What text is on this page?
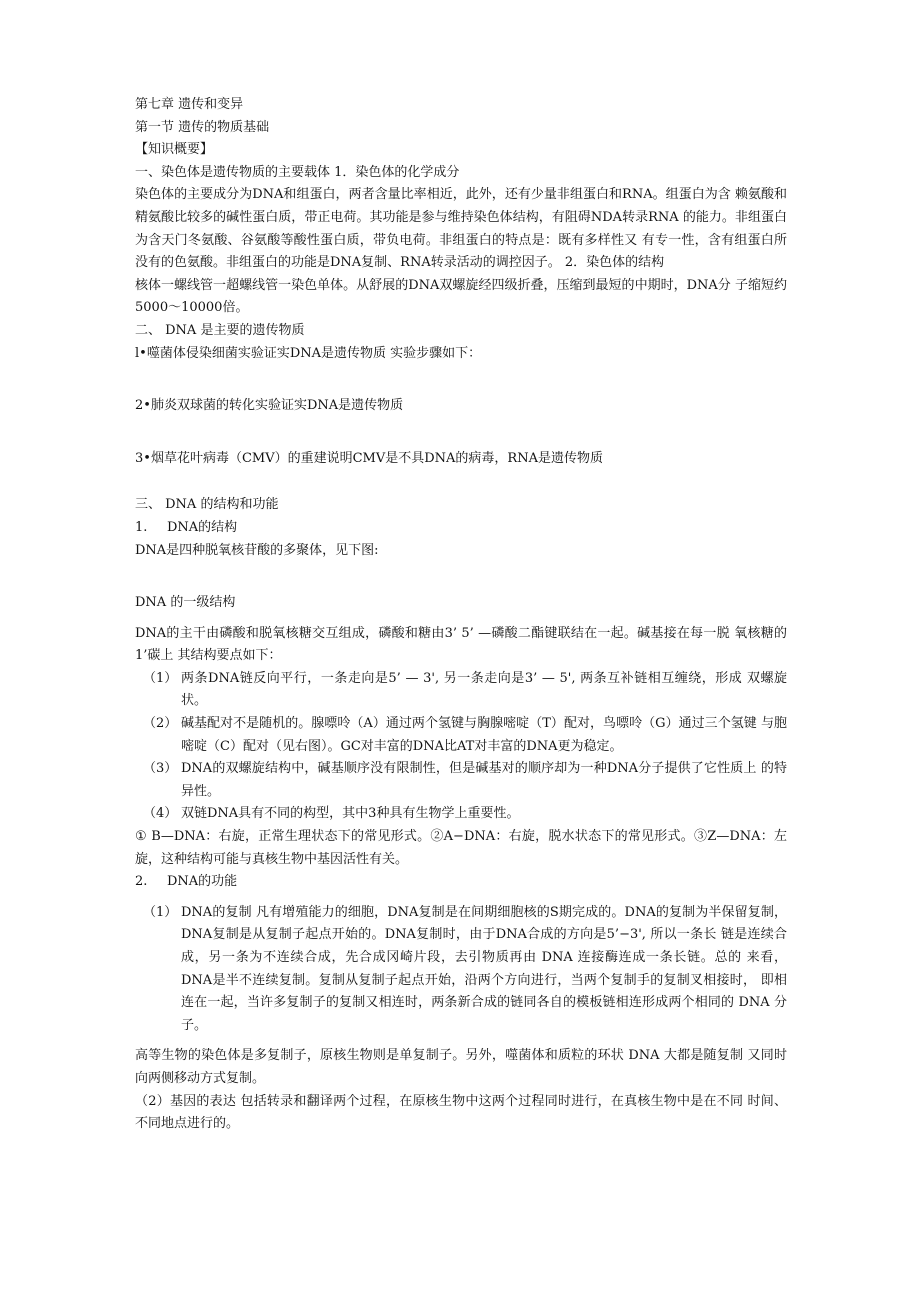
第七章 遗传和变异

第一节 遗传的物质基础

【知识概要】

一、染色体是遗传物质的主要载体 1．染色体的化学成分

染色体的主要成分为DNA和组蛋白，两者含量比率相近，此外，还有少量非组蛋白和RNA。组蛋白为含 赖氨酸和精氨酸比较多的碱性蛋白质，带正电荷。其功能是参与维持染色体结构，有阻碍NDA转录RNA 的能力。非组蛋白为含天门冬氨酸、谷氨酸等酸性蛋白质，带负电荷。非组蛋白的特点是：既有多样性又 有专一性，含有组蛋白所没有的色氨酸。非组蛋白的功能是DNA复制、RNA转录活动的调控因子。 2．染色体的结构

核体一螺线管一超螺线管一染色单体。从舒展的DNA双螺旋经四级折叠，压缩到最短的中期时，DNA分 子缩短约5000～10000倍。

二、 DNA 是主要的遗传物质

l•噬菌体侵染细菌实验证实DNA是遗传物质 实验步骤如下：

2•肺炎双球菌的转化实验证实DNA是遗传物质

3•烟草花叶病毒（CMV）的重建说明CMV是不具DNA的病毒，RNA是遗传物质

三、 DNA 的结构和功能

1.	DNA的结构

DNA是四种脱氧核苷酸的多聚体，见下图:

DNA 的一级结构

DNA的主干由磷酸和脱氧核糖交互组成，磷酸和糖由3’ 5’ —磷酸二酯键联结在一起。碱基接在每一脱 氧核糖的 1’碳上 其结构要点如下：

（1） 两条DNA链反向平行，一条走向是5’ — 3', 另一条走向是3’ — 5', 两条互补链相互缠绕，形成 双螺旋状。
（2） 碱基配对不是随机的。腺嘌呤（A）通过两个氢键与胸腺嘧啶（T）配对，鸟嘌呤（G）通过三个氢键 与胞嘧啶（C）配对（见右图）。GC对丰富的DNA比AT对丰富的DNA更为稳定。
（3） DNA的双螺旋结构中，碱基顺序没有限制性，但是碱基对的顺序却为一种DNA分子提供了它性质上 的特异性。
（4） 双链DNA具有不同的构型，其中3种具有生物学上重要性。

① B—DNA：右旋，正常生理状态下的常见形式。②A−DNA：右旋，脱水状态下的常见形式。③Z—DNA：左旋，这种结构可能与真核生物中基因活性有关。

2.	DNA的功能
（1） DNA的复制 凡有增殖能力的细胞，DNA复制是在间期细胞核的S期完成的。DNA的复制为半保留复制，DNA复制是从复制子起点开始的。DNA复制时，由于DNA合成的方向是5’−3', 所以一条长 链是连续合成，另一条为不连续合成，先合成冈崎片段，去引物质再由 DNA 连接酶连成一条长链。总的 来看，DNA是半不连续复制。复制从复制子起点开始，沿两个方向进行，当两个复制手的复制叉相接时， 即相连在一起，当许多复制子的复制又相连时，两条新合成的链同各自的模板链相连形成两个相同的 DNA 分子。

高等生物的染色体是多复制子，原核生物则是单复制子。另外，噬菌体和质粒的环状 DNA 大都是随复制 又同时向两侧移动方式复制。

（2）基因的表达 包括转录和翻译两个过程，在原核生物中这两个过程同时进行，在真核生物中是在不同 时间、不同地点进行的。
